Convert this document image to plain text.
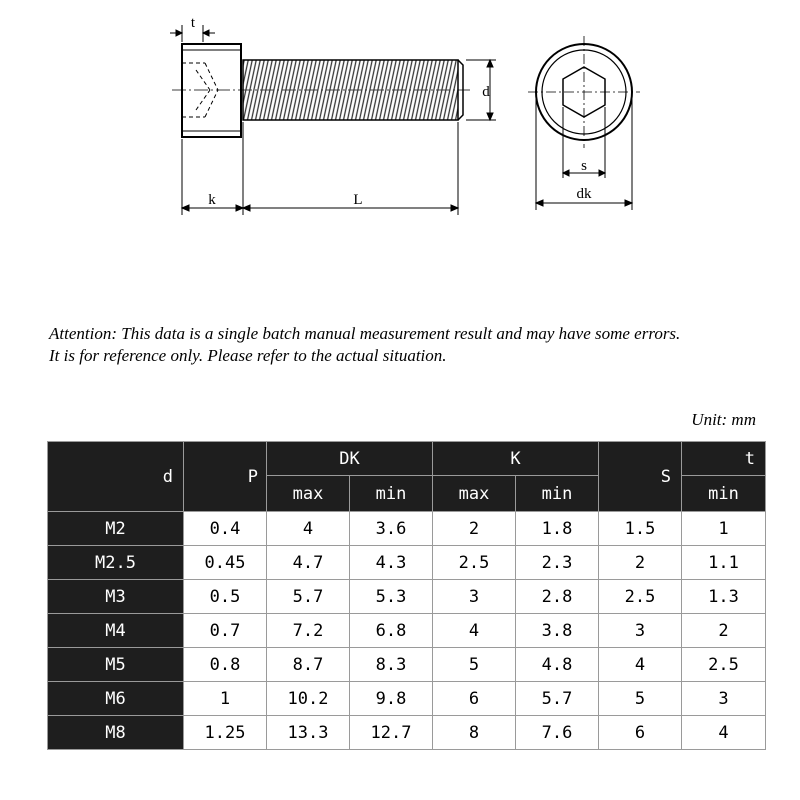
t
d
k	L
s
dk
Attention: This data is a single batch manual measurement result and may have some errors.
It is for reference only. Please refer to the actual situation.
Unit: mm
d	P	DK		K		S	t
		max	min	max	min		min
M2	0.4	4	3.6	2	1.8	1.5	1
M2.5	0.45	4.7	4.3	2.5	2.3	2	1.1
M3	0.5	5.7	5.3	3	2.8	2.5	1.3
M4	0.7	7.2	6.8	4	3.8	3	2
M5	0.8	8.7	8.3	5	4.8	4	2.5
M6	1	10.2	9.8	6	5.7	5	3
M8	1.25	13.3	12.7	8	7.6	6	4
